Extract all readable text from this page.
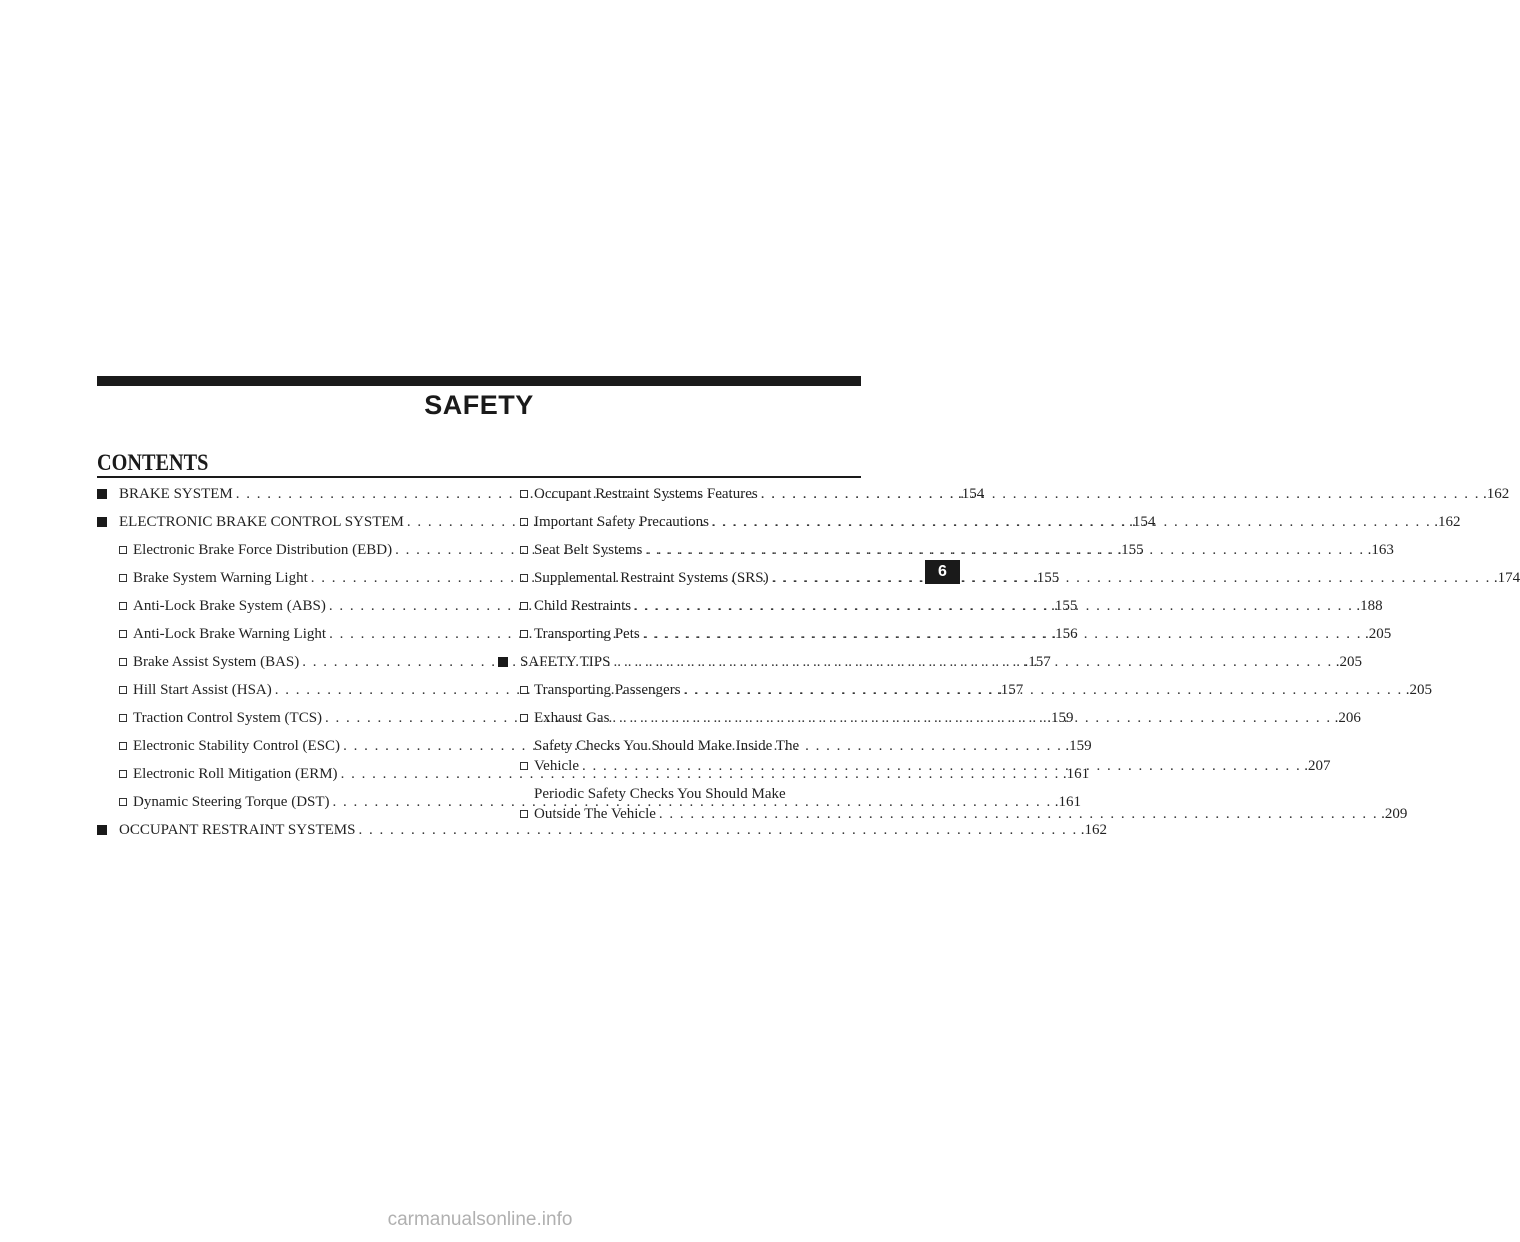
SAFETY
CONTENTS
BRAKE SYSTEM . . .	.154
ELECTRONIC BRAKE CONTROL SYSTEM . . .	.154
Electronic Brake Force Distribution (EBD) . . .	.155
Brake System Warning Light . . .	.155
Anti-Lock Brake System (ABS) . . .	.155
Anti-Lock Brake Warning Light . . .	.156
Brake Assist System (BAS) . . .	.157
Hill Start Assist (HSA) . . .	.157
Traction Control System (TCS) . . .	.159
Electronic Stability Control (ESC) . . .	.159
Electronic Roll Mitigation (ERM) . . .	.161
Dynamic Steering Torque (DST) . . .	.161
OCCUPANT RESTRAINT SYSTEMS . . .	.162
Occupant Restraint Systems Features . . .	.162
Important Safety Precautions . . .	.162
Seat Belt Systems . . .	.163
Supplemental Restraint Systems (SRS) . . .	.174
Child Restraints . . .	.188
Transporting Pets . . .	.205
SAFETY TIPS . . .	.205
Transporting Passengers . . .	.205
Exhaust Gas . . .	.206
Safety Checks You Should Make Inside The
Vehicle . . .	.207
Periodic Safety Checks You Should Make
Outside The Vehicle . . .	.209
6
carmanualsonline.info
